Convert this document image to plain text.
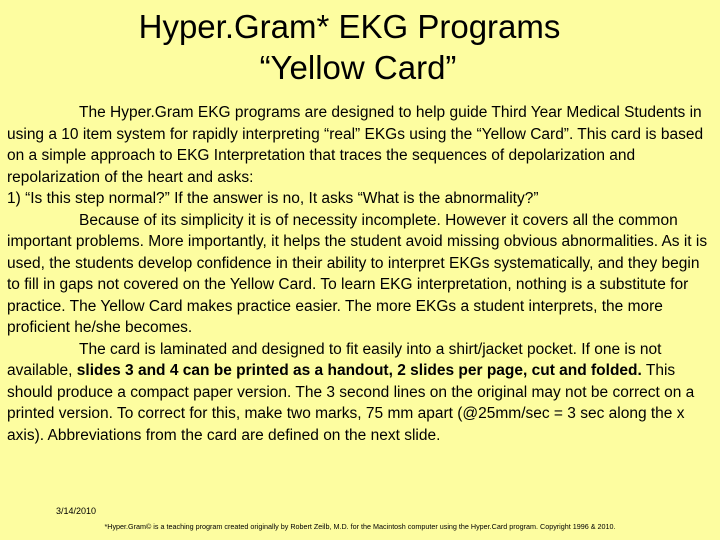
Hyper.Gram* EKG Programs
“Yellow Card”

The Hyper.Gram EKG programs are designed to help guide Third Year Medical Students in using a 10 item system for rapidly interpreting “real” EKGs using the “Yellow Card”. This card is based on a simple approach to EKG Interpretation that traces the sequences of depolarization and repolarization of the heart and asks:

1) “Is this step normal?” If the answer is no, It asks “What is the abnormality?”

Because of its simplicity it is of necessity incomplete. However it covers all the common important problems. More importantly, it helps the student avoid missing obvious abnormalities. As it is used, the students develop confidence in their ability to interpret EKGs systematically, and they begin to fill in gaps not covered on the Yellow Card. To learn EKG interpretation, nothing is a substitute for practice. The Yellow Card makes practice easier. The more EKGs a student interprets, the more proficient he/she becomes.

The card is laminated and designed to fit easily into a shirt/jacket pocket. If one is not available, slides 3 and 4 can be printed as a handout, 2 slides per page, cut and folded. This should produce a compact paper version. The 3 second lines on the original may not be correct on a printed version. To correct for this, make two marks, 75 mm apart (@25mm/sec = 3 sec along the x axis). Abbreviations from the card are defined on the next slide.

3/14/2010
*Hyper.Gram© is a teaching program created originally by Robert Zeilb, M.D. for the Macintosh computer using the Hyper.Card program. Copyright 1996 & 2010.
